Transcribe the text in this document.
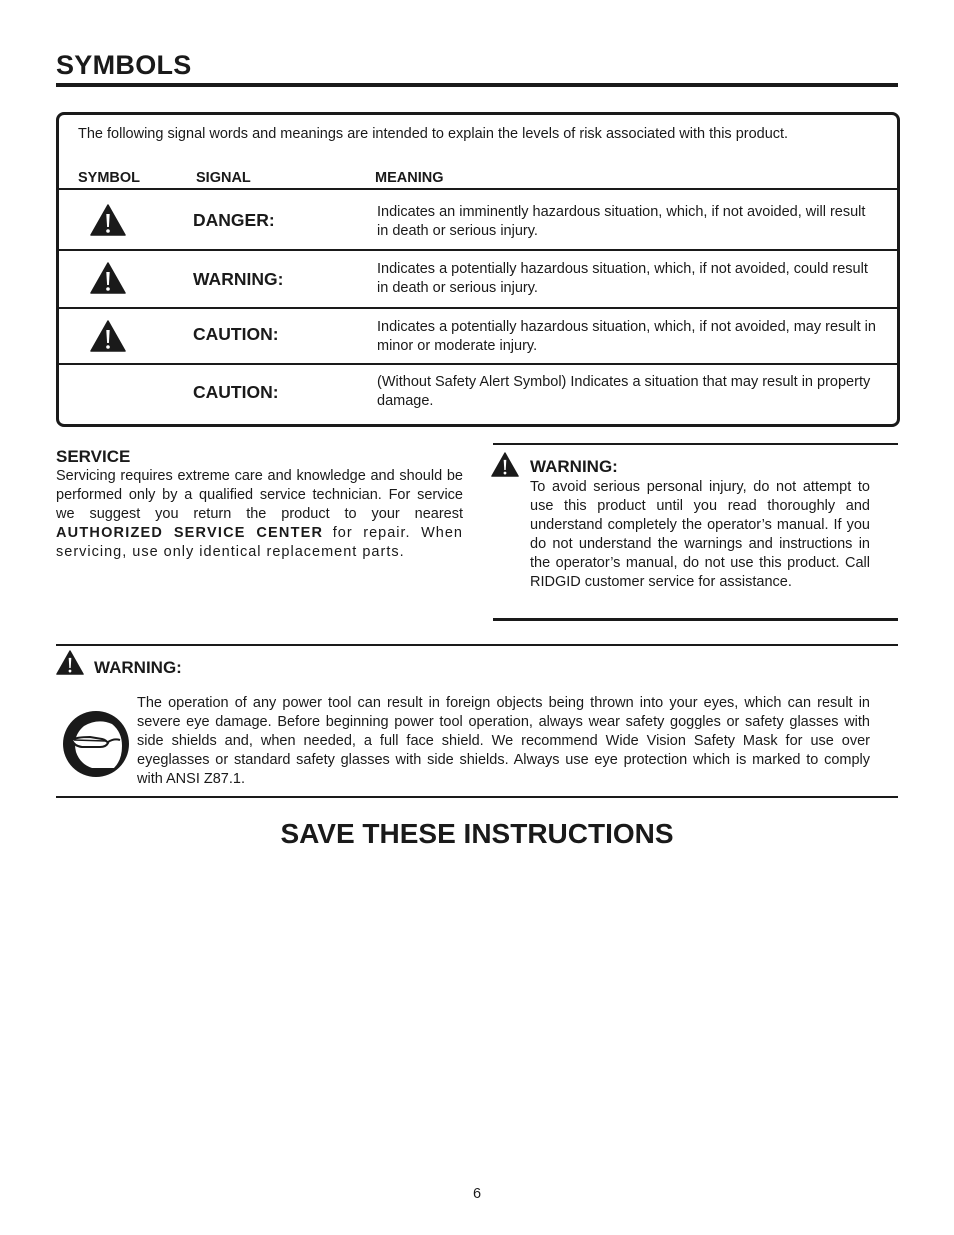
SYMBOLS
The following signal words and meanings are intended to explain the levels of risk associated with this product.
SYMBOL	SIGNAL	MEANING
DANGER:	Indicates an imminently hazardous situation, which, if not avoided, will result in death or serious injury.
WARNING:	Indicates a potentially hazardous situation, which, if not avoided, could result in death or serious injury.
CAUTION:	Indicates a potentially hazardous situation, which, if not avoided, may result in minor or moderate injury.
CAUTION:	(Without Safety Alert Symbol) Indicates a situation that may result in property damage.
SERVICE
Servicing requires extreme care and knowledge and should be performed only by a qualified service technician. For service we suggest you return the product to your nearest AUTHORIZED SERVICE CENTER for repair. When servicing, use only identical replacement parts.
WARNING:
To avoid serious personal injury, do not attempt to use this product until you read thoroughly and understand completely the operator’s manual. If you do not understand the warnings and instructions in the operator’s manual, do not use this product. Call RIDGID customer service for assistance.
WARNING:
The operation of any power tool can result in foreign objects being thrown into your eyes, which can result in severe eye damage. Before beginning power tool operation, always wear safety goggles or safety glasses with side shields and, when needed, a full face shield. We recommend Wide Vision Safety Mask for use over eyeglasses or standard safety glasses with side shields. Always use eye protection which is marked to comply with ANSI Z87.1.
SAVE THESE INSTRUCTIONS
6
